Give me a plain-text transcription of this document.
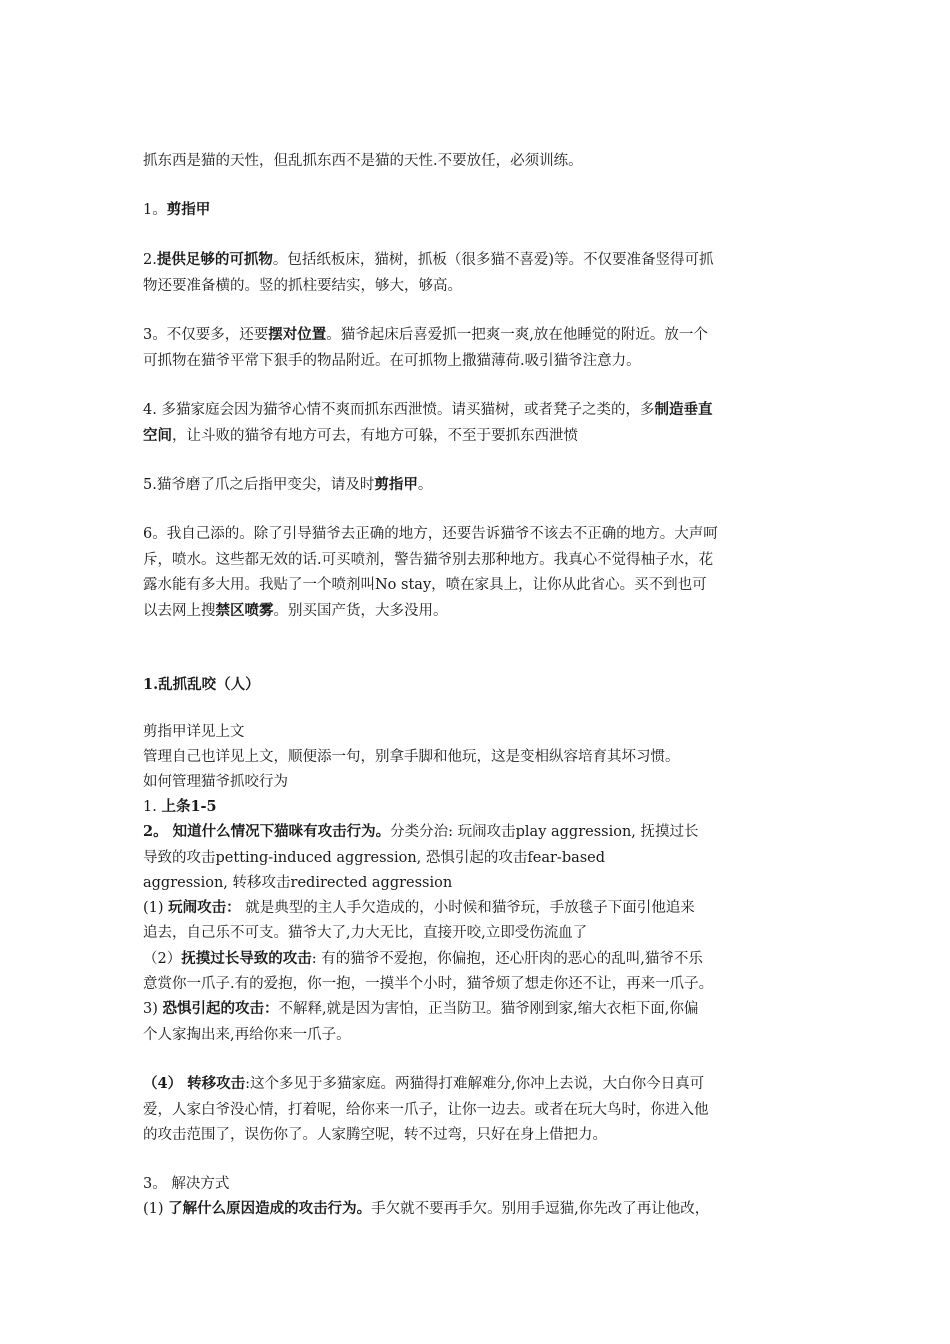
抓东西是猫的天性，但乱抓东西不是猫的天性.不要放任，必须训练。
1。剪指甲
2.提供足够的可抓物。包括纸板床，猫树，抓板（很多猫不喜爱)等。不仅要准备竖得可抓
物还要准备横的。竖的抓柱要结实，够大，够高。
3。不仅要多，还要摆对位置。猫爷起床后喜爱抓一把爽一爽,放在他睡觉的附近。放一个
可抓物在猫爷平常下狠手的物品附近。在可抓物上撒猫薄荷.吸引猫爷注意力。
4. 多猫家庭会因为猫爷心情不爽而抓东西泄愤。请买猫树，或者凳子之类的，多制造垂直
空间，让斗败的猫爷有地方可去，有地方可躲，不至于要抓东西泄愤
5.猫爷磨了爪之后指甲变尖，请及时剪指甲。
6。我自己添的。除了引导猫爷去正确的地方，还要告诉猫爷不该去不正确的地方。大声呵
斥，喷水。这些都无效的话.可买喷剂，警告猫爷别去那种地方。我真心不觉得柚子水，花
露水能有多大用。我贴了一个喷剂叫No stay，喷在家具上，让你从此省心。买不到也可
以去网上搜禁区喷雾。别买国产货，大多没用。
1.乱抓乱咬（人）
剪指甲详见上文
管理自己也详见上文，顺便添一句，别拿手脚和他玩，这是变相纵容培育其坏习惯。
如何管理猫爷抓咬行为
1. 上条1-5
2。 知道什么情况下猫咪有攻击行为。分类分治: 玩闹攻击play aggression, 抚摸过长
导致的攻击petting-induced aggression, 恐惧引起的攻击fear-based
aggression, 转移攻击redirected aggression
(1) 玩闹攻击： 就是典型的主人手欠造成的，小时候和猫爷玩，手放毯子下面引他追来
追去，自己乐不可支。猫爷大了,力大无比，直接开咬,立即受伤流血了
（2）抚摸过长导致的攻击: 有的猫爷不爱抱，你偏抱，还心肝肉的恶心的乱叫,猫爷不乐
意赏你一爪子.有的爱抱，你一抱，一摸半个小时，猫爷烦了想走你还不让，再来一爪子。
3) 恐惧引起的攻击：不解释,就是因为害怕，正当防卫。猫爷刚到家,缩大衣柜下面,你偏
个人家掏出来,再给你来一爪子。
（4） 转移攻击:这个多见于多猫家庭。两猫得打难解难分,你冲上去说，大白你今日真可
爱，人家白爷没心情，打着呢，给你来一爪子，让你一边去。或者在玩大鸟时，你进入他
的攻击范围了，误伤你了。人家腾空呢，转不过弯，只好在身上借把力。
3。 解决方式
(1) 了解什么原因造成的攻击行为。手欠就不要再手欠。别用手逗猫,你先改了再让他改，
